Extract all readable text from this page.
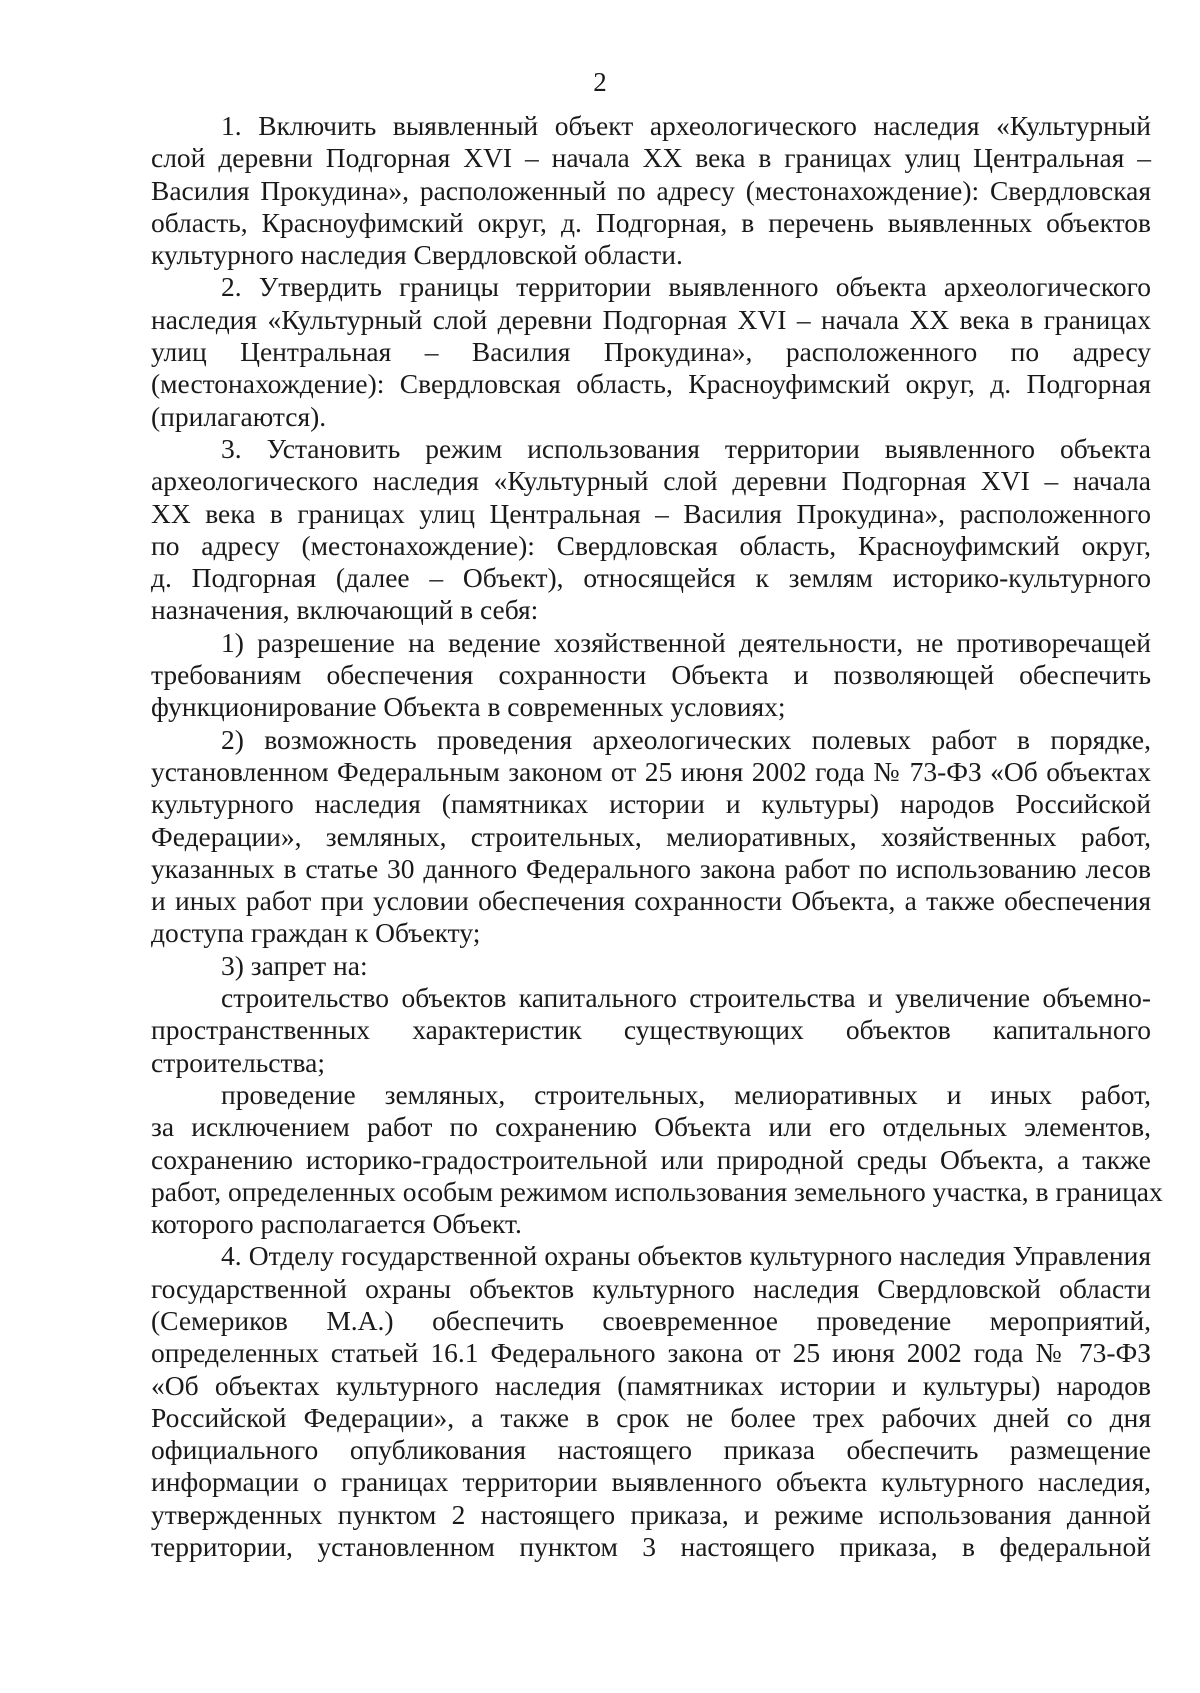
2
1. Включить выявленный объект археологического наследия «Культурный
слой деревни Подгорная XVI – начала XX века в границах улиц Центральная –
Василия Прокудина», расположенный по адресу (местонахождение): Свердловская
область, Красноуфимский округ, д. Подгорная, в перечень выявленных объектов
культурного наследия Свердловской области.
2. Утвердить границы территории выявленного объекта археологического
наследия «Культурный слой деревни Подгорная XVI – начала XX века в границах
улиц Центральная – Василия Прокудина», расположенного по адресу
(местонахождение): Свердловская область, Красноуфимский округ, д. Подгорная
(прилагаются).
3. Установить режим использования территории выявленного объекта
археологического наследия «Культурный слой деревни Подгорная XVI – начала
XX века в границах улиц Центральная – Василия Прокудина», расположенного
по адресу (местонахождение): Свердловская область, Красноуфимский округ,
д. Подгорная (далее – Объект), относящейся к землям историко-культурного
назначения, включающий в себя:
1) разрешение на ведение хозяйственной деятельности, не противоречащей
требованиям обеспечения сохранности Объекта и позволяющей обеспечить
функционирование Объекта в современных условиях;
2) возможность проведения археологических полевых работ в порядке,
установленном Федеральным законом от 25 июня 2002 года № 73-ФЗ «Об объектах
культурного наследия (памятниках истории и культуры) народов Российской
Федерации», земляных, строительных, мелиоративных, хозяйственных работ,
указанных в статье 30 данного Федерального закона работ по использованию лесов
и иных работ при условии обеспечения сохранности Объекта, а также обеспечения
доступа граждан к Объекту;
3) запрет на:
строительство объектов капитального строительства и увеличение объемно-
пространственных характеристик существующих объектов капитального
строительства;
проведение земляных, строительных, мелиоративных и иных работ,
за исключением работ по сохранению Объекта или его отдельных элементов,
сохранению историко-градостроительной или природной среды Объекта, а также
работ, определенных особым режимом использования земельного участка, в границах
которого располагается Объект.
4. Отделу государственной охраны объектов культурного наследия Управления
государственной охраны объектов культурного наследия Свердловской области
(Семериков М.А.) обеспечить своевременное проведение мероприятий,
определенных статьей 16.1 Федерального закона от 25 июня 2002 года № 73-ФЗ
«Об объектах культурного наследия (памятниках истории и культуры) народов
Российской Федерации», а также в срок не более трех рабочих дней со дня
официального опубликования настоящего приказа обеспечить размещение
информации о границах территории выявленного объекта культурного наследия,
утвержденных пунктом 2 настоящего приказа, и режиме использования данной
территории, установленном пунктом 3 настоящего приказа, в федеральной
